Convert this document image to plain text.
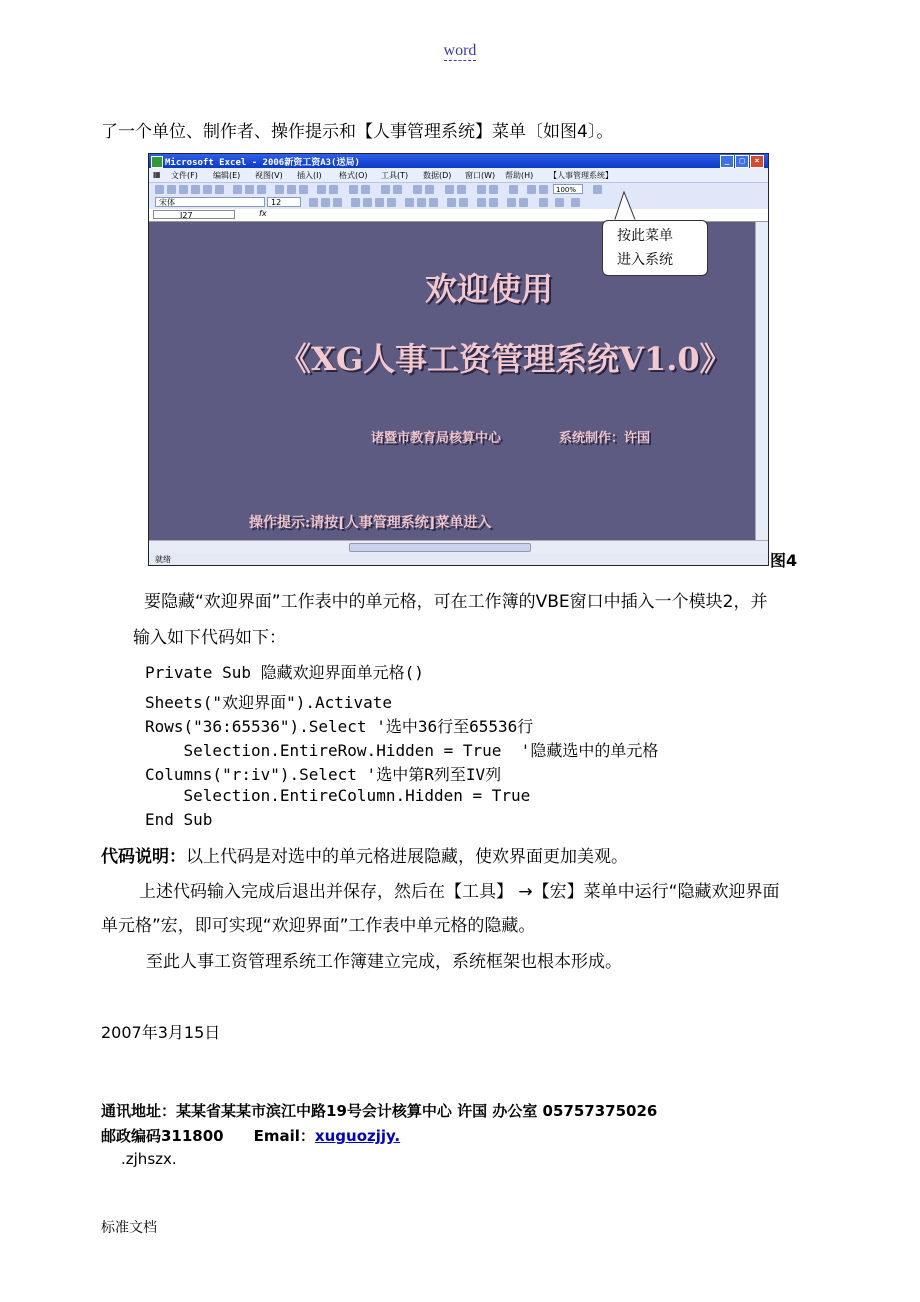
word
了一个单位、制作者、操作提示和【人事管理系统】菜单〔如图4〕。
Microsoft Excel - 2006新资工资A3(送局)	_	□	×
▦ 文件(F) 编辑(E) 视图(V) 插入(I) 格式(O) 工具(T) 数据(D) 窗口(W) 帮助(H) 【人事管理系统】
100%
宋体	12
I27	fx
欢迎使用
《XG人事工资管理系统V1.0》
诸暨市教育局核算中心	系统制作：许国
操作提示:请按[人事管理系统]菜单进入
就绪
按此菜单
进入系统
图4
要隐藏“欢迎界面”工作表中的单元格，可在工作簿的VBE窗口中插入一个模块2，并
输入如下代码如下：
Private Sub 隐藏欢迎界面单元格()
Sheets("欢迎界面").Activate
Rows("36:65536").Select '选中36行至65536行
Selection.EntireRow.Hidden = True  '隐藏选中的单元格
Columns("r:iv").Select '选中第R列至IV列
Selection.EntireColumn.Hidden = True
End Sub
代码说明：以上代码是对选中的单元格进展隐藏，使欢界面更加美观。
上述代码输入完成后退出并保存，然后在【工具】 →【宏】菜单中运行“隐藏欢迎界面
单元格”宏，即可实现“欢迎界面”工作表中单元格的隐藏。
至此人事工资管理系统工作簿建立完成，系统框架也根本形成。
2007年3月15日
通讯地址：某某省某某市滨江中路19号会计核算中心 许国 办公室 05757375026
邮政编码311800 Email：xuguozjjy.
.zjhszx.
标准文档
